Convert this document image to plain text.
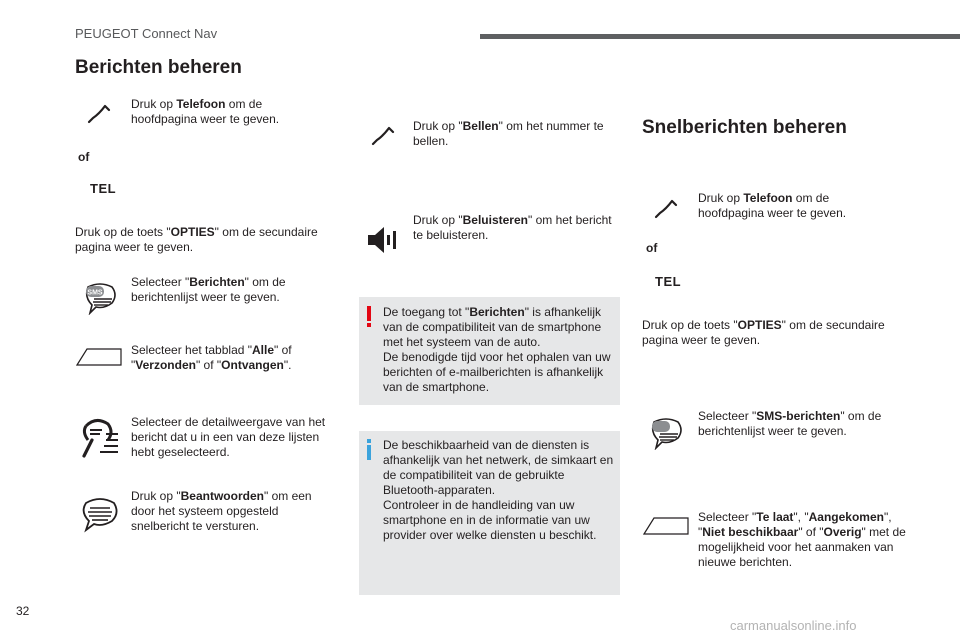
PEUGEOT Connect Nav
Berichten beheren
Druk op Telefoon om de hoofdpagina weer te geven.
of
TEL
Druk op de toets "OPTIES" om de secundaire pagina weer te geven.
SMS
Selecteer "Berichten" om de berichtenlijst weer te geven.
Selecteer het tabblad "Alle" of "Verzonden" of "Ontvangen".
Selecteer de detailweergave van het bericht dat u in een van deze lijsten hebt geselecteerd.
Druk op "Beantwoorden" om een door het systeem opgesteld snelbericht te versturen.
Druk op "Bellen" om het nummer te bellen.
Druk op "Beluisteren" om het bericht te beluisteren.
De toegang tot "Berichten" is afhankelijk van de compatibiliteit van de smartphone met het systeem van de auto.
De benodigde tijd voor het ophalen van uw berichten of e-mailberichten is afhankelijk van de smartphone.
De beschikbaarheid van de diensten is afhankelijk van het netwerk, de simkaart en de compatibiliteit van de gebruikte Bluetooth-apparaten.
Controleer in de handleiding van uw smartphone en in de informatie van uw provider over welke diensten u beschikt.
Snelberichten beheren
Druk op Telefoon om de hoofdpagina weer te geven.
of
TEL
Druk op de toets "OPTIES" om de secundaire pagina weer te geven.
Selecteer "SMS-berichten" om de berichtenlijst weer te geven.
Selecteer "Te laat", "Aangekomen", "Niet beschikbaar" of "Overig" met de mogelijkheid voor het aanmaken van nieuwe berichten.
32
carmanualsonline.info
